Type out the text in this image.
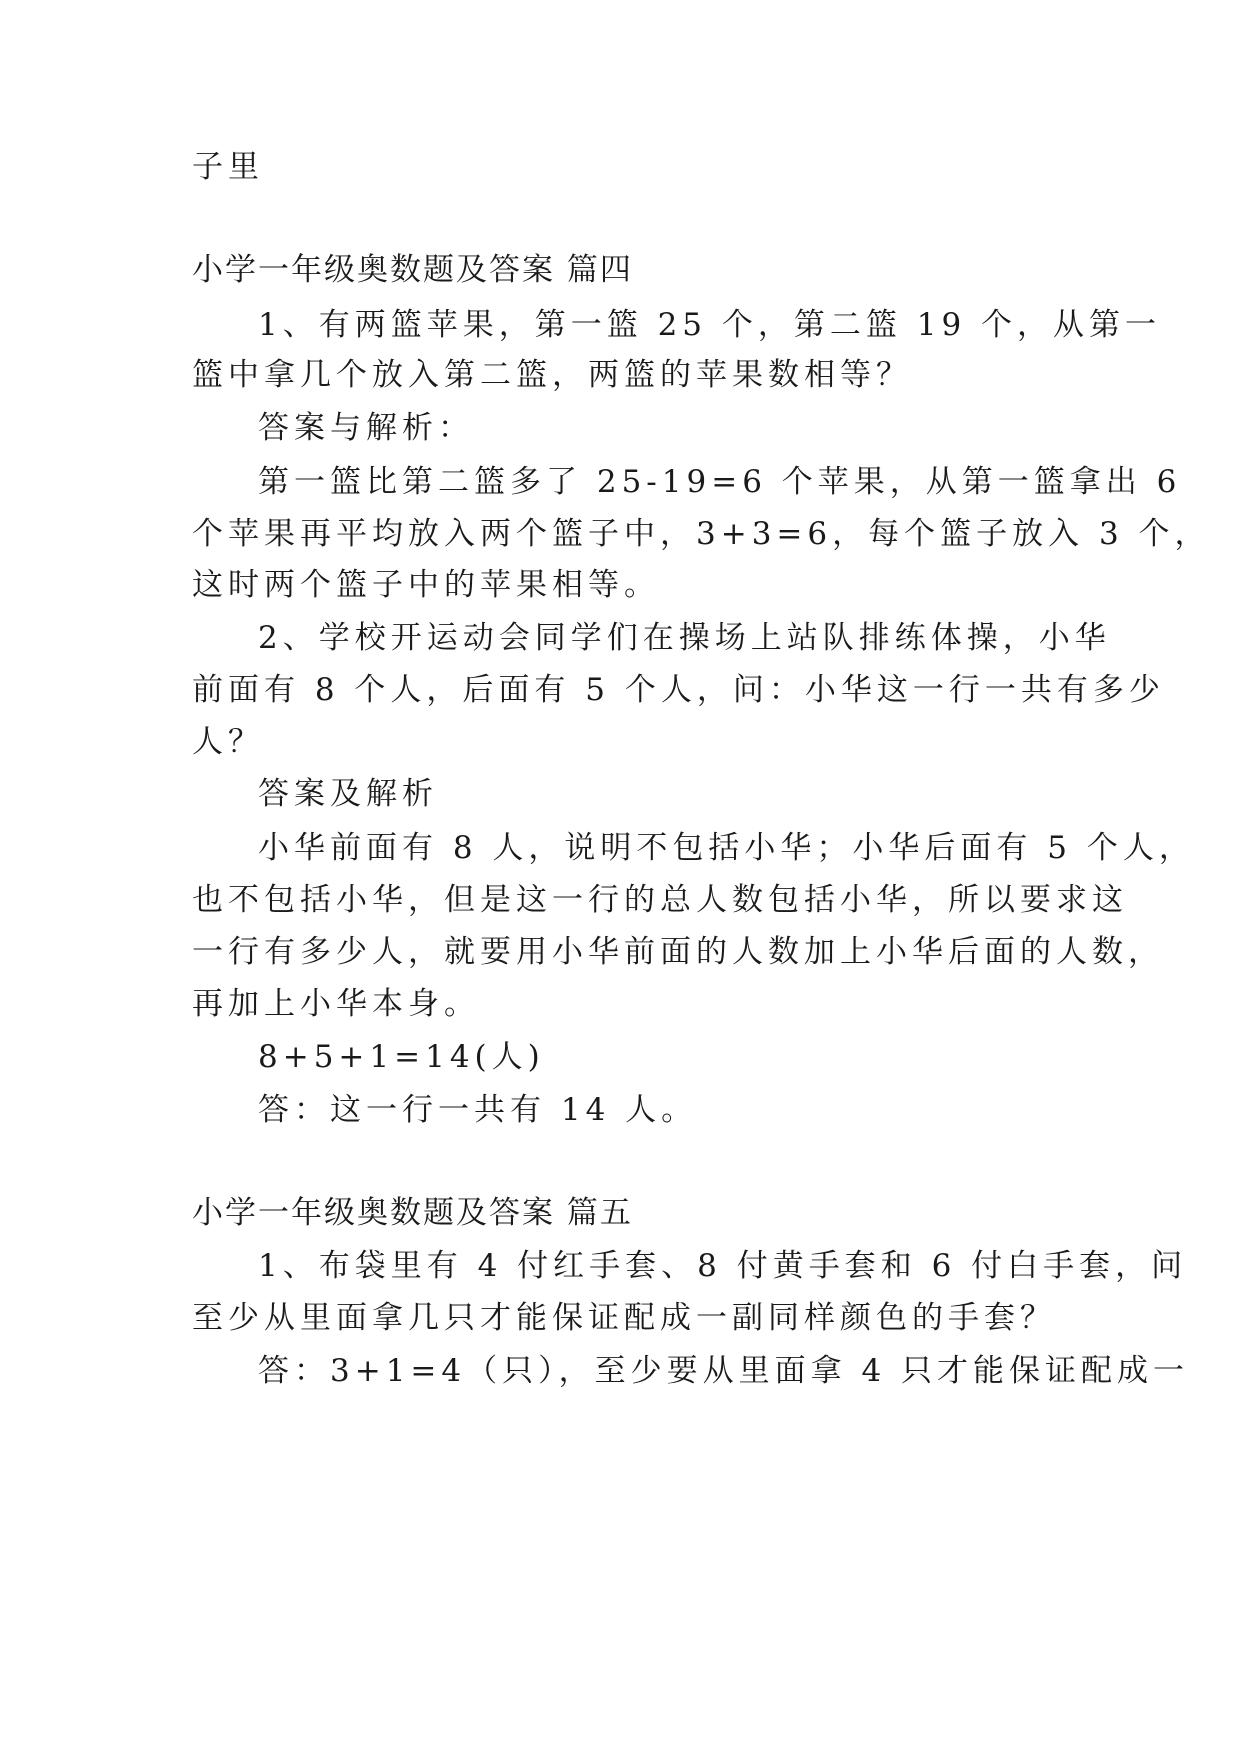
子里
小学一年级奥数题及答案 篇四
1、有两篮苹果，第一篮 25 个，第二篮 19 个，从第一
篮中拿几个放入第二篮，两篮的苹果数相等？
答案与解析：
第一篮比第二篮多了 25-19=6 个苹果，从第一篮拿出 6
个苹果再平均放入两个篮子中，3+3=6，每个篮子放入 3 个，
这时两个篮子中的苹果相等。
2、学校开运动会同学们在操场上站队排练体操，小华
前面有 8 个人，后面有 5 个人，问：小华这一行一共有多少
人？
答案及解析
小华前面有 8 人，说明不包括小华；小华后面有 5 个人，
也不包括小华，但是这一行的总人数包括小华，所以要求这
一行有多少人，就要用小华前面的人数加上小华后面的人数，
再加上小华本身。
8+5+1=14(人)
答：这一行一共有 14 人。
小学一年级奥数题及答案 篇五
1、布袋里有 4 付红手套、8 付黄手套和 6 付白手套，问
至少从里面拿几只才能保证配成一副同样颜色的手套？
答：3+1=4（只），至少要从里面拿 4 只才能保证配成一
